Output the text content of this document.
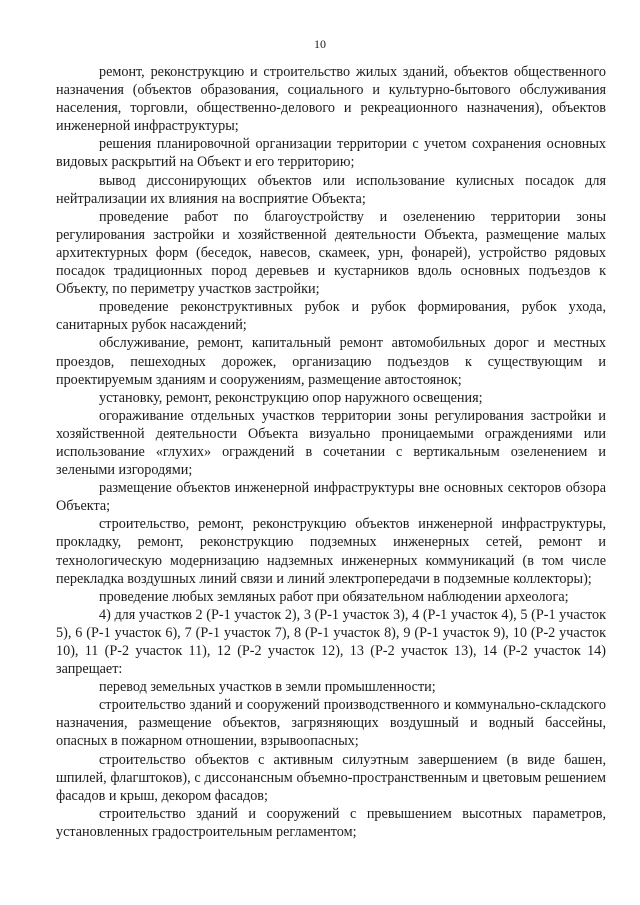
10

ремонт, реконструкцию и строительство жилых зданий, объектов общественного назначения (объектов образования, социального и культурно-бытового обслуживания населения, торговли, общественно-делового и рекреационного назначения), объектов инженерной инфраструктуры;

решения планировочной организации территории с учетом сохранения основных видовых раскрытий на Объект и его территорию;

вывод диссонирующих объектов или использование кулисных посадок для нейтрализации их влияния на восприятие Объекта;

проведение работ по благоустройству и озеленению территории зоны регулирования застройки и хозяйственной деятельности Объекта, размещение малых архитектурных форм (беседок, навесов, скамеек, урн, фонарей), устройство рядовых посадок традиционных пород деревьев и кустарников вдоль основных подъездов к Объекту, по периметру участков застройки;

проведение реконструктивных рубок и рубок формирования, рубок ухода, санитарных рубок насаждений;

обслуживание, ремонт, капитальный ремонт автомобильных дорог и местных проездов, пешеходных дорожек, организацию подъездов к существующим и проектируемым зданиям и сооружениям, размещение автостоянок;

установку, ремонт, реконструкцию опор наружного освещения;

огораживание отдельных участков территории зоны регулирования застройки и хозяйственной деятельности Объекта визуально проницаемыми ограждениями или использование «глухих» ограждений в сочетании с вертикальным озеленением и зелеными изгородями;

размещение объектов инженерной инфраструктуры вне основных секторов обзора Объекта;

строительство, ремонт, реконструкцию объектов инженерной инфраструктуры, прокладку, ремонт, реконструкцию подземных инженерных сетей, ремонт и технологическую модернизацию надземных инженерных коммуникаций (в том числе перекладка воздушных линий связи и линий электропередачи в подземные коллекторы);

проведение любых земляных работ при обязательном наблюдении археолога;

4) для участков 2 (Р-1 участок 2), 3 (Р-1 участок 3), 4 (Р-1 участок 4), 5 (Р-1 участок 5), 6 (Р-1 участок 6), 7 (Р-1 участок 7), 8 (Р-1 участок 8), 9 (Р-1 участок 9), 10 (Р-2 участок 10), 11 (Р-2 участок 11), 12 (Р-2 участок 12), 13 (Р-2 участок 13), 14 (Р-2 участок 14) запрещает:

перевод земельных участков в земли промышленности;

строительство зданий и сооружений производственного и коммунально-складского назначения, размещение объектов, загрязняющих воздушный и водный бассейны, опасных в пожарном отношении, взрывоопасных;

строительство объектов с активным силуэтным завершением (в виде башен, шпилей, флагштоков), с диссонансным объемно-пространственным и цветовым решением фасадов и крыш, декором фасадов;

строительство зданий и сооружений с превышением высотных параметров, установленных градостроительным регламентом;
